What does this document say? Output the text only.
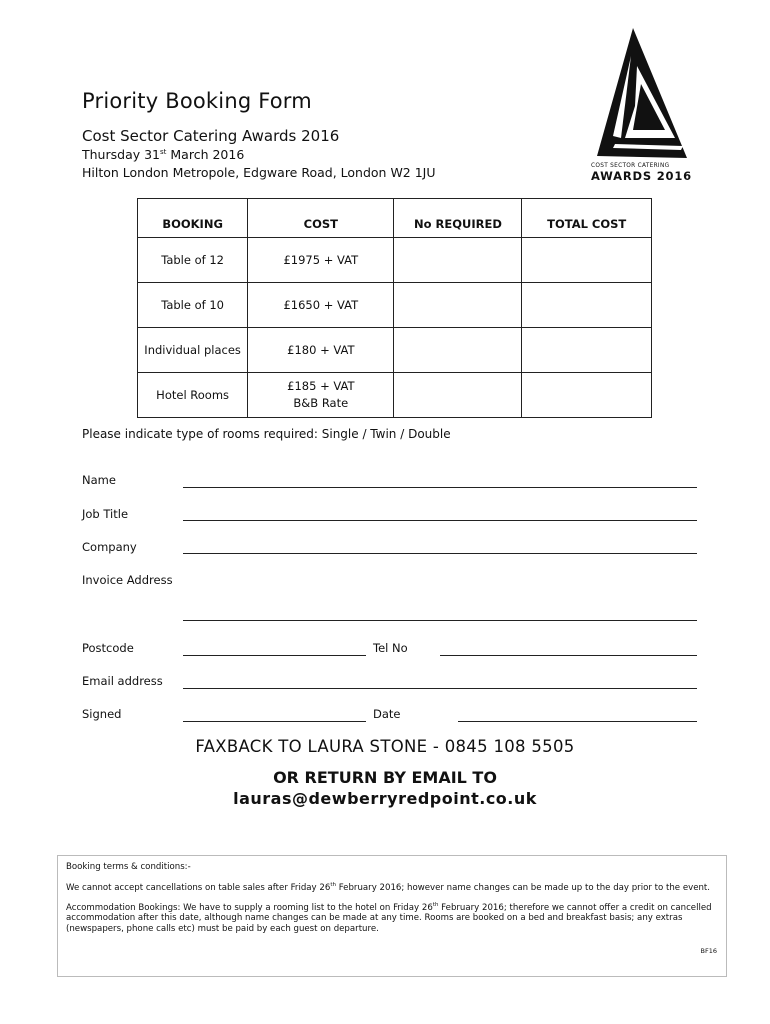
Priority Booking Form
Cost Sector Catering Awards 2016
Thursday 31st March 2016
Hilton London Metropole, Edgware Road, London W2 1JU	COST SECTOR CATERING
AWARDS 2016
BOOKING	COST	No REQUIRED	TOTAL COST
Table of 12	£1975 + VAT		
Table of 10	£1650 + VAT		
Individual places	£180 + VAT		
Hotel Rooms	£185 + VAT
B&B Rate		

Please indicate type of rooms required: Single / Twin / Double
Name
Job Title
Company
Invoice Address
Postcode	Tel No
Email address
Signed	Date
FAXBACK TO LAURA STONE - 0845 108 5505
OR RETURN BY EMAIL TO
lauras@dewberryredpoint.co.uk

Booking terms & conditions:-

We cannot accept cancellations on table sales after Friday 26th February 2016; however name changes can be made up to the day prior to the event.

Accommodation Bookings: We have to supply a rooming list to the hotel on Friday 26th February 2016; therefore we cannot offer a credit on cancelled accommodation after this date, although name changes can be made at any time. Rooms are booked on a bed and breakfast basis; any extras (newspapers, phone calls etc) must be paid by each guest on departure.

BF16
